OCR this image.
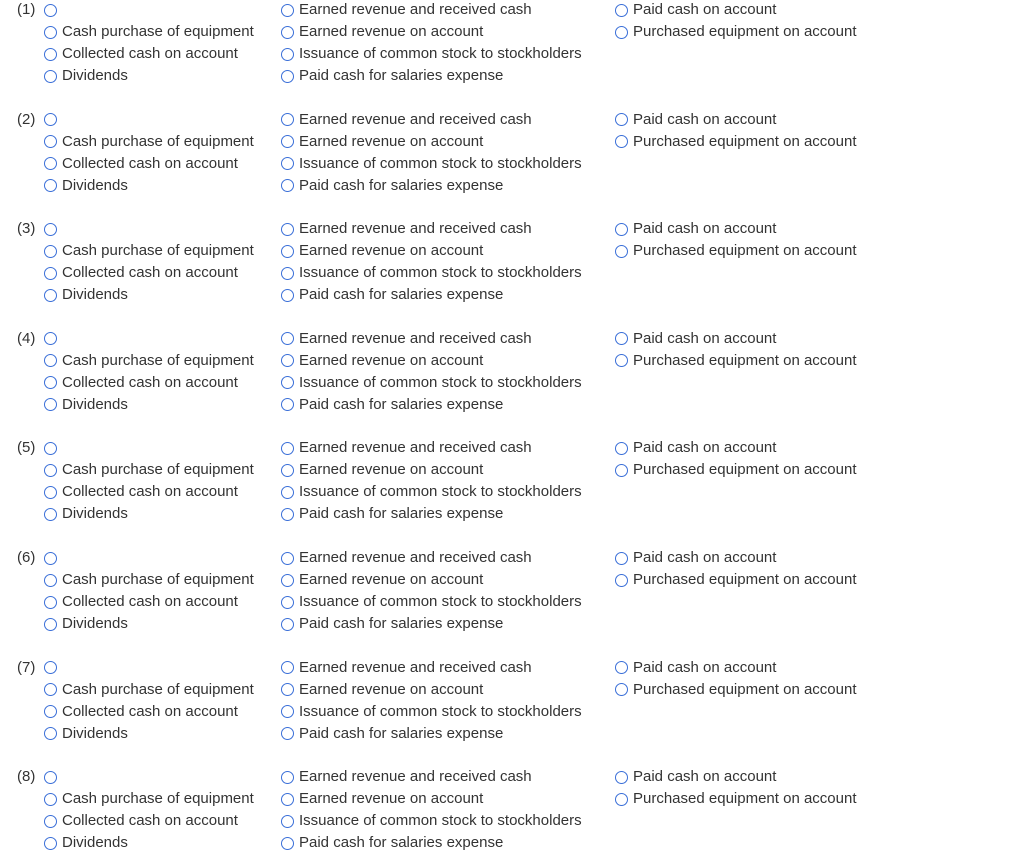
(1)
Cash purchase of equipment
Collected cash on account
Dividends
Earned revenue and received cash
Earned revenue on account
Issuance of common stock to stockholders
Paid cash for salaries expense
Paid cash on account
Purchased equipment on account
(2)
Cash purchase of equipment
Collected cash on account
Dividends
Earned revenue and received cash
Earned revenue on account
Issuance of common stock to stockholders
Paid cash for salaries expense
Paid cash on account
Purchased equipment on account
(3)
Cash purchase of equipment
Collected cash on account
Dividends
Earned revenue and received cash
Earned revenue on account
Issuance of common stock to stockholders
Paid cash for salaries expense
Paid cash on account
Purchased equipment on account
(4)
Cash purchase of equipment
Collected cash on account
Dividends
Earned revenue and received cash
Earned revenue on account
Issuance of common stock to stockholders
Paid cash for salaries expense
Paid cash on account
Purchased equipment on account
(5)
Cash purchase of equipment
Collected cash on account
Dividends
Earned revenue and received cash
Earned revenue on account
Issuance of common stock to stockholders
Paid cash for salaries expense
Paid cash on account
Purchased equipment on account
(6)
Cash purchase of equipment
Collected cash on account
Dividends
Earned revenue and received cash
Earned revenue on account
Issuance of common stock to stockholders
Paid cash for salaries expense
Paid cash on account
Purchased equipment on account
(7)
Cash purchase of equipment
Collected cash on account
Dividends
Earned revenue and received cash
Earned revenue on account
Issuance of common stock to stockholders
Paid cash for salaries expense
Paid cash on account
Purchased equipment on account
(8)
Cash purchase of equipment
Collected cash on account
Dividends
Earned revenue and received cash
Earned revenue on account
Issuance of common stock to stockholders
Paid cash for salaries expense
Paid cash on account
Purchased equipment on account
